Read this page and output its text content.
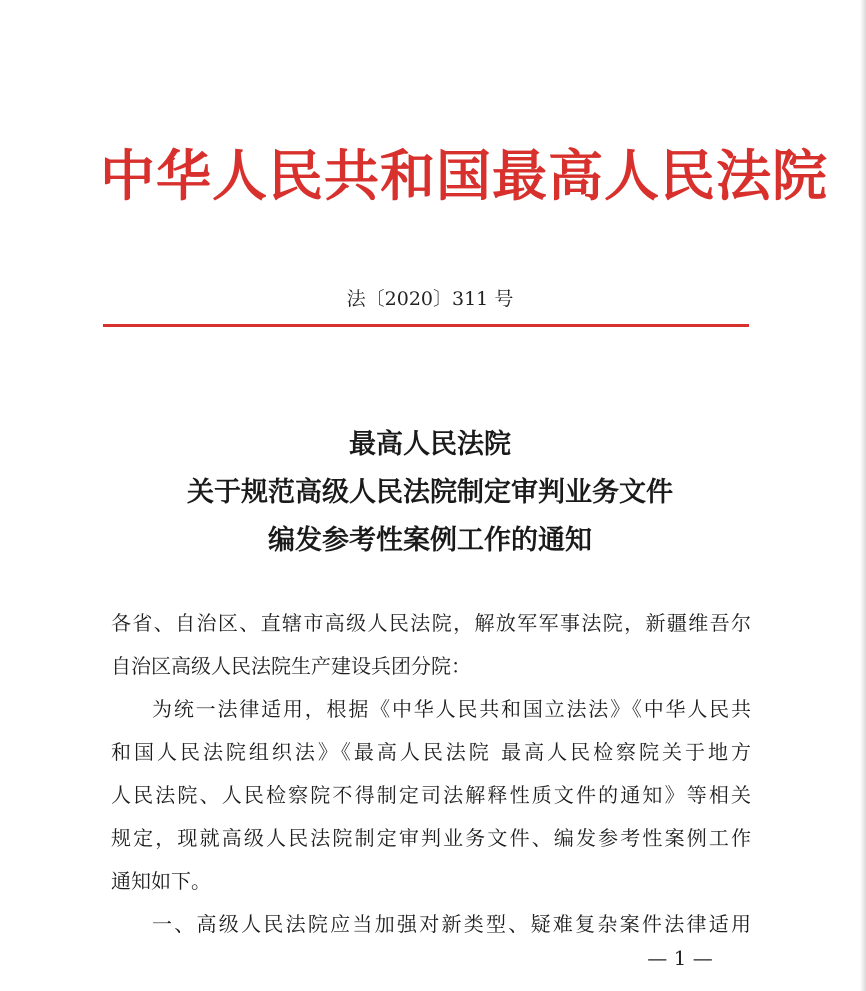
中华人民共和国最高人民法院
法〔2020〕311 号
最高人民法院
关于规范高级人民法院制定审判业务文件
编发参考性案例工作的通知
各省、自治区、直辖市高级人民法院，解放军军事法院，新疆维吾尔
自治区高级人民法院生产建设兵团分院：
为统一法律适用，根据《中华人民共和国立法法》《中华人民共
和国人民法院组织法》《最高人民法院 最高人民检察院关于地方
人民法院、人民检察院不得制定司法解释性质文件的通知》等相关
规定，现就高级人民法院制定审判业务文件、编发参考性案例工作
通知如下。
一、高级人民法院应当加强对新类型、疑难复杂案件法律适用
— 1 —
